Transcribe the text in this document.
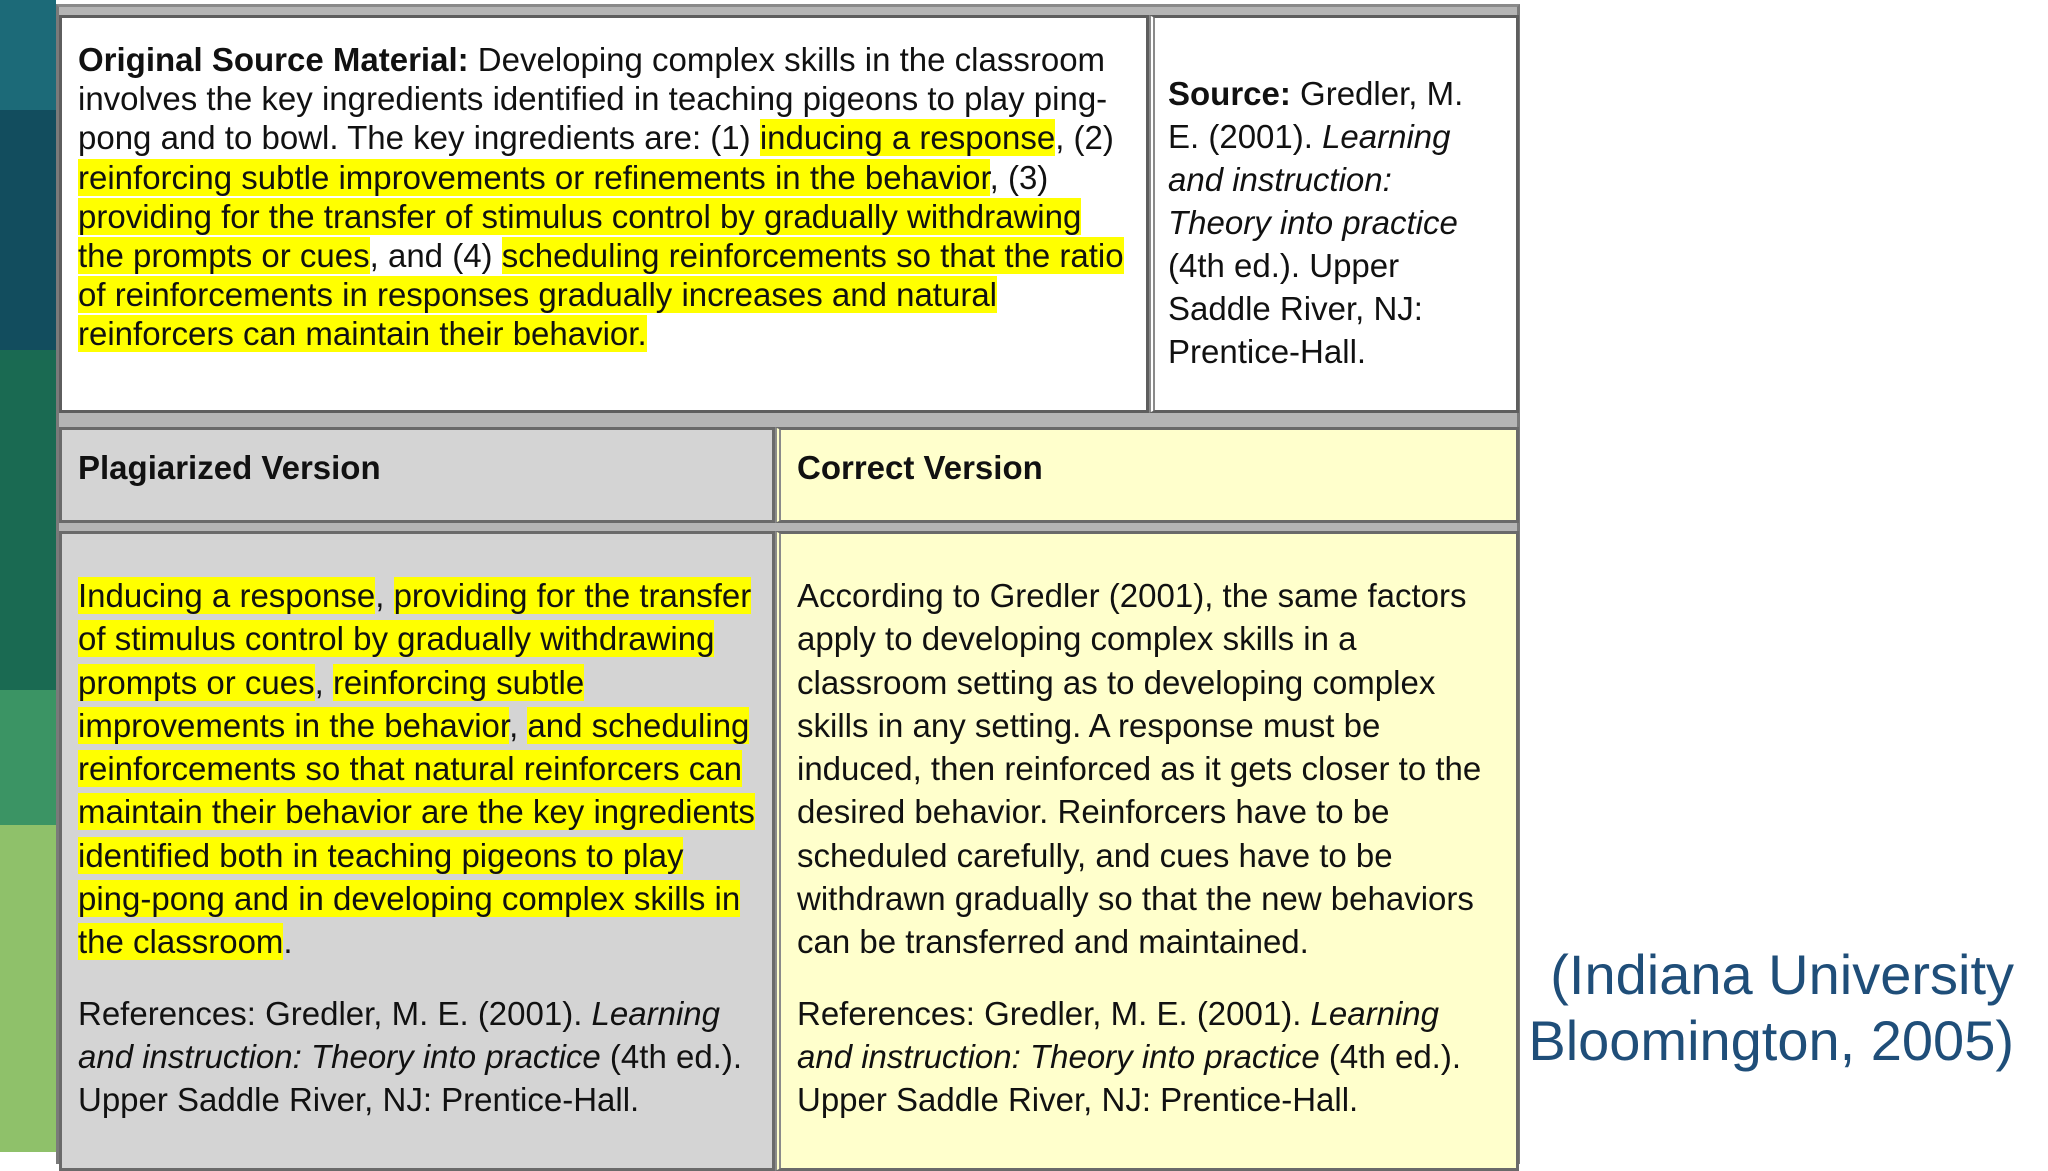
Original Source Material: Developing complex skills in the classroom involves the key ingredients identified in teaching pigeons to play ping-pong and to bowl. The key ingredients are: (1) inducing a response, (2) reinforcing subtle improvements or refinements in the behavior, (3) providing for the transfer of stimulus control by gradually withdrawing the prompts or cues, and (4) scheduling reinforcements so that the ratio of reinforcements in responses gradually increases and natural reinforcers can maintain their behavior.

Source: Gredler, M. E. (2001). Learning and instruction: Theory into practice (4th ed.). Upper Saddle River, NJ: Prentice-Hall.

Plagiarized Version	Correct Version

Inducing a response, providing for the transfer of stimulus control by gradually withdrawing prompts or cues, reinforcing subtle improvements in the behavior, and scheduling reinforcements so that natural reinforcers can maintain their behavior are the key ingredients identified both in teaching pigeons to play ping-pong and in developing complex skills in the classroom.

References: Gredler, M. E. (2001). Learning and instruction: Theory into practice (4th ed.). Upper Saddle River, NJ: Prentice-Hall.

According to Gredler (2001), the same factors apply to developing complex skills in a classroom setting as to developing complex skills in any setting. A response must be induced, then reinforced as it gets closer to the desired behavior. Reinforcers have to be scheduled carefully, and cues have to be withdrawn gradually so that the new behaviors can be transferred and maintained.

References: Gredler, M. E. (2001). Learning and instruction: Theory into practice (4th ed.). Upper Saddle River, NJ: Prentice-Hall.

(Indiana University Bloomington, 2005)
